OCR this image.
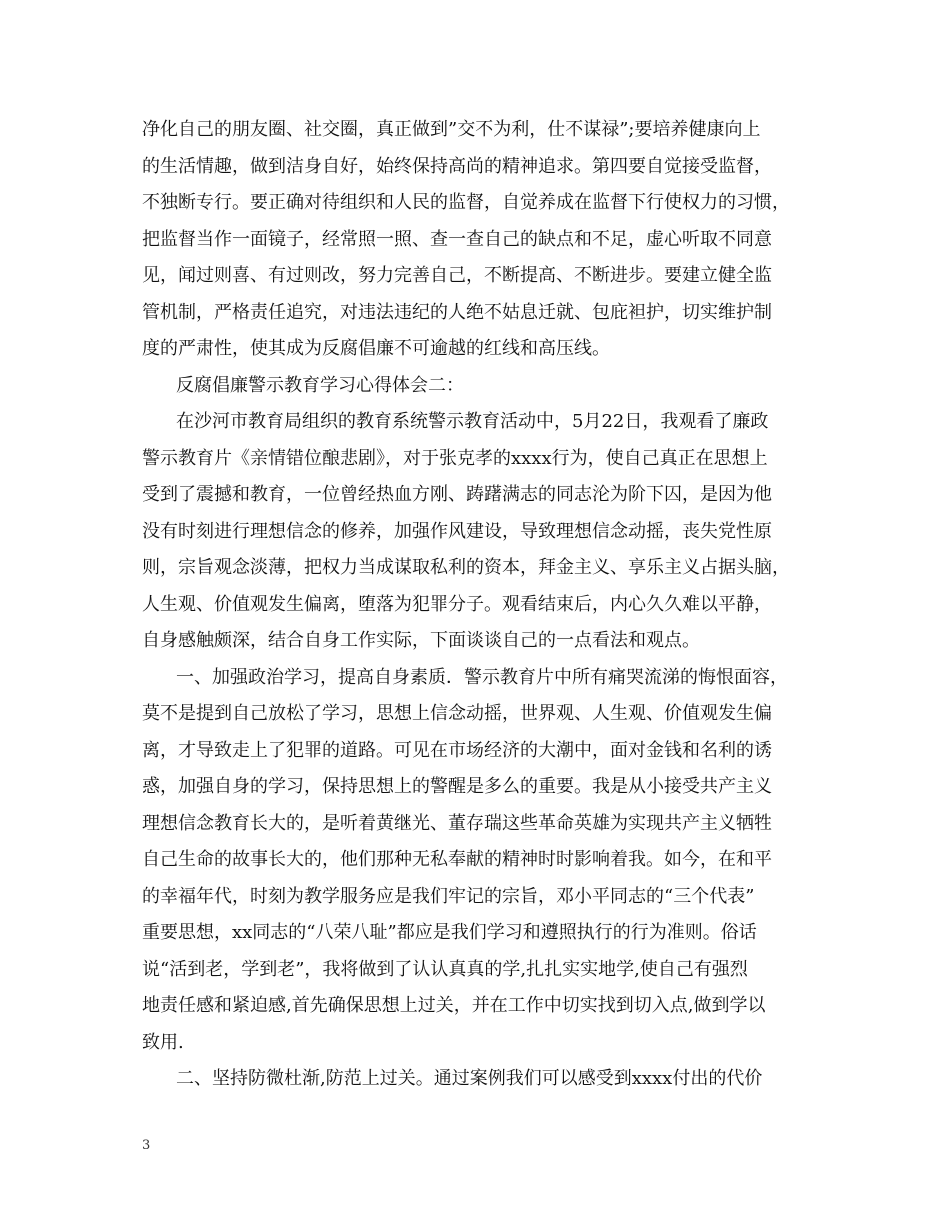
净化自己的朋友圈、社交圈，真正做到”交不为利，仕不谋禄”;要培养健康向上
的生活情趣，做到洁身自好，始终保持高尚的精神追求。第四要自觉接受监督，
不独断专行。要正确对待组织和人民的监督，自觉养成在监督下行使权力的习惯，
把监督当作一面镜子，经常照一照、查一查自己的缺点和不足，虚心听取不同意
见，闻过则喜、有过则改，努力完善自己，不断提高、不断进步。要建立健全监
管机制，严格责任追究，对违法违纪的人绝不姑息迁就、包庇袒护，切实维护制
度的严肃性，使其成为反腐倡廉不可逾越的红线和高压线。
反腐倡廉警示教育学习心得体会二：
在沙河市教育局组织的教育系统警示教育活动中，5月22日，我观看了廉政
警示教育片《亲情错位酿悲剧》，对于张克孝的xxxx行为，使自己真正在思想上
受到了震撼和教育，一位曾经热血方刚、踌躇满志的同志沦为阶下囚，是因为他
没有时刻进行理想信念的修养，加强作风建设，导致理想信念动摇，丧失党性原
则，宗旨观念淡薄，把权力当成谋取私利的资本，拜金主义、享乐主义占据头脑，
人生观、价值观发生偏离，堕落为犯罪分子。观看结束后，内心久久难以平静，
自身感触颇深，结合自身工作实际，下面谈谈自己的一点看法和观点。
一、加强政治学习，提高自身素质．警示教育片中所有痛哭流涕的悔恨面容，
莫不是提到自己放松了学习，思想上信念动摇，世界观、人生观、价值观发生偏
离，才导致走上了犯罪的道路。可见在市场经济的大潮中，面对金钱和名利的诱
惑，加强自身的学习，保持思想上的警醒是多么的重要。我是从小接受共产主义
理想信念教育长大的，是听着黄继光、董存瑞这些革命英雄为实现共产主义牺牲
自己生命的故事长大的，他们那种无私奉献的精神时时影响着我。如今，在和平
的幸福年代，时刻为教学服务应是我们牢记的宗旨，邓小平同志的“三个代表”
重要思想，xx同志的“八荣八耻”都应是我们学习和遵照执行的行为准则。俗话
说“活到老，学到老”，我将做到了认认真真的学,扎扎实实地学,使自己有强烈
地责任感和紧迫感,首先确保思想上过关，并在工作中切实找到切入点,做到学以
致用.
二、坚持防微杜渐,防范上过关。通过案例我们可以感受到xxxx付出的代价
3
